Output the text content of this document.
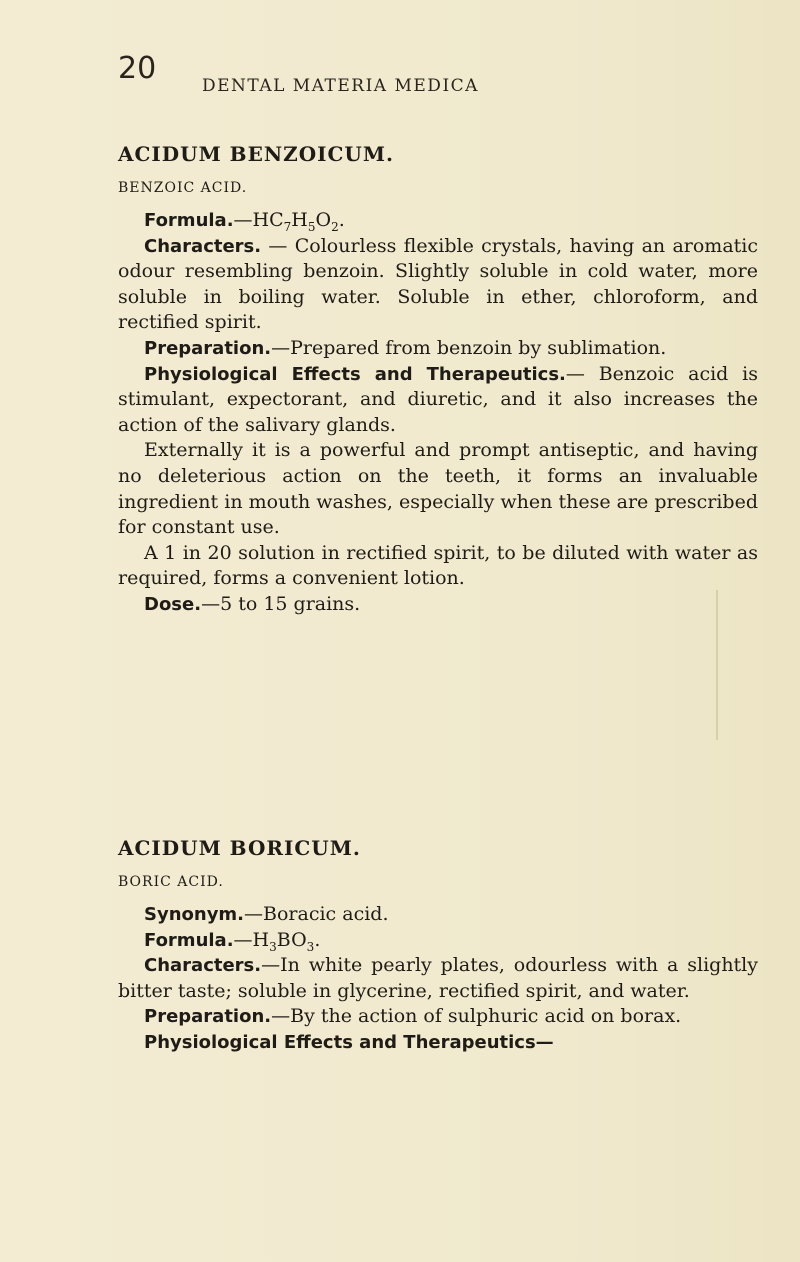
20	DENTAL MATERIA MEDICA

ACIDUM BENZOICUM.

BENZOIC ACID.

$Formula.—HC_7H_5O_2$.

Characters. — Colourless flexible crystals, having an aromatic odour resembling benzoin. Slightly soluble in cold water, more soluble in boiling water. Soluble in ether, chloroform, and rectified spirit.

Preparation.—Prepared from benzoin by sublimation.

Physiological Effects and Therapeutics.— Benzoic acid is stimulant, expectorant, and diuretic, and it also increases the action of the salivary glands.

Externally it is a powerful and prompt antiseptic, and having no deleterious action on the teeth, it forms an invaluable ingredient in mouth washes, especially when these are prescribed for constant use.

A 1 in 20 solution in rectified spirit, to be diluted with water as required, forms a convenient lotion.

Dose.—5 to 15 grains.

ACIDUM BORICUM.

BORIC ACID.

Synonym.—Boracic acid.

$Formula.—H_3BO_3$.

Characters.—In white pearly plates, odourless with a slightly bitter taste; soluble in glycerine, rectified spirit, and water.

Preparation.—By the action of sulphuric acid on borax.

Physiological Effects and Therapeutics—
